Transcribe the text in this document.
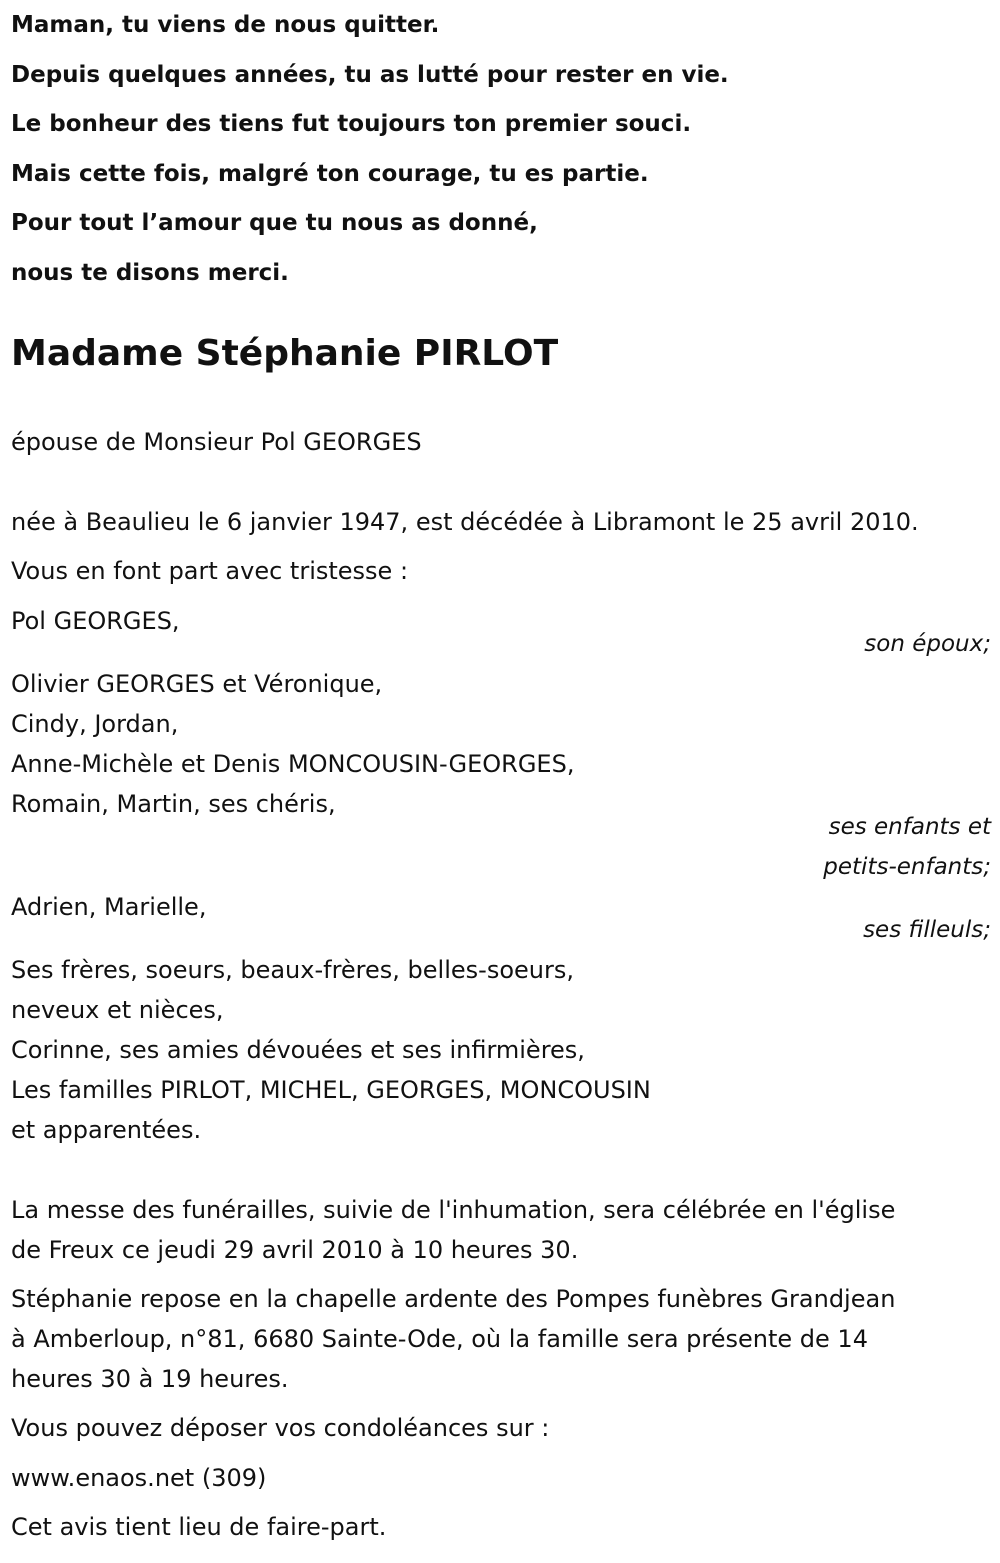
Maman, tu viens de nous quitter.

Depuis quelques années, tu as lutté pour rester en vie.

Le bonheur des tiens fut toujours ton premier souci.

Mais cette fois, malgré ton courage, tu es partie.

Pour tout l’amour que tu nous as donné,

nous te disons merci.

Madame Stéphanie PIRLOT

épouse de Monsieur Pol GEORGES

née à Beaulieu le 6 janvier 1947, est décédée à Libramont le 25 avril 2010.

Vous en font part avec tristesse :

Pol GEORGES,

son époux;

Olivier GEORGES et Véronique,

Cindy, Jordan,

Anne-Michèle et Denis MONCOUSIN-GEORGES,

Romain, Martin, ses chéris,

ses enfants et
petits-enfants;

Adrien, Marielle,

ses filleuls;

Ses frères, soeurs, beaux-frères, belles-soeurs,

neveux et nièces,

Corinne, ses amies dévouées et ses infirmières,

Les familles PIRLOT, MICHEL, GEORGES, MONCOUSIN

et apparentées.

La messe des funérailles, suivie de l'inhumation, sera célébrée en l'église

de Freux ce jeudi 29 avril 2010 à 10 heures 30.

Stéphanie repose en la chapelle ardente des Pompes funèbres Grandjean

à Amberloup, n°81, 6680 Sainte-Ode, où la famille sera présente de 14

heures 30 à 19 heures.

Vous pouvez déposer vos condoléances sur :

www.enaos.net (309)

Cet avis tient lieu de faire-part.
